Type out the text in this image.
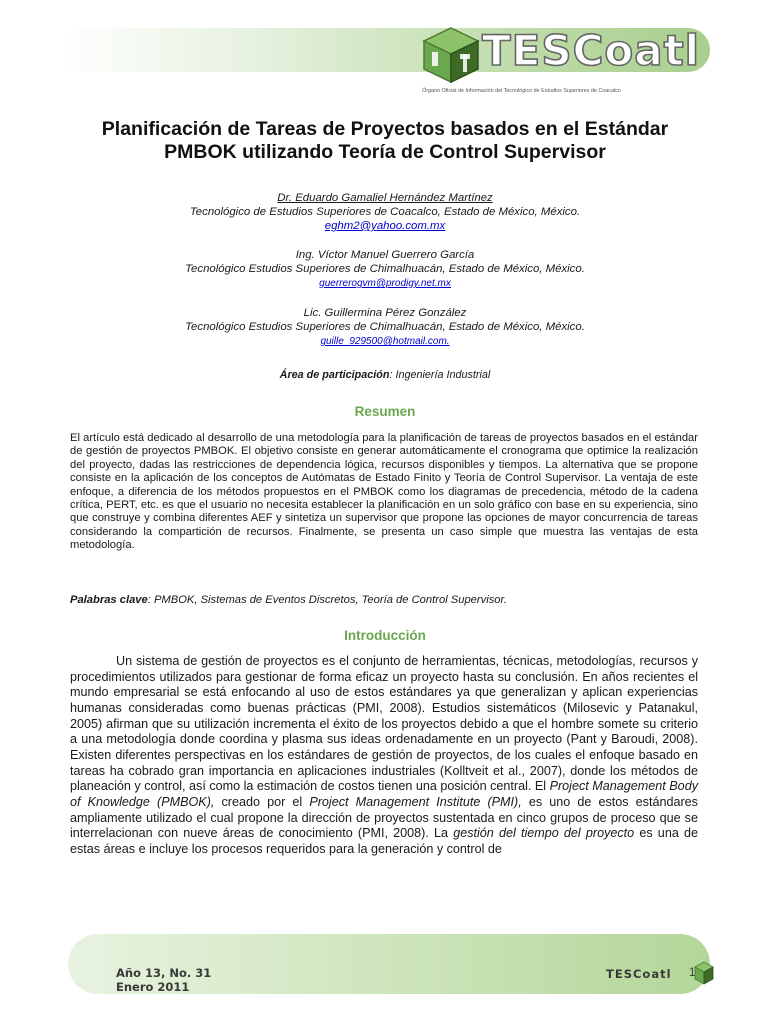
TESCoatl
Órgano Oficial de Información del Tecnológico de Estudios Superiores de Coacalco
Planificación de Tareas de Proyectos basados en el Estándar
PMBOK utilizando Teoría de Control Supervisor
Dr. Eduardo Gamaliel Hernández Martínez
Tecnológico de Estudios Superiores de Coacalco, Estado de México, México.
eghm2@yahoo.com.mx
Ing. Víctor Manuel Guerrero García
Tecnológico Estudios Superiores de Chimalhuacán, Estado de México, México.
guerrerogvm@prodigy.net.mx
Lic. Guillermina Pérez González
Tecnológico Estudios Superiores de Chimalhuacán, Estado de México, México.
guille_929500@hotmail.com.
Área de participación: Ingeniería Industrial
Resumen
El artículo está dedicado al desarrollo de una metodología para la planificación de tareas de proyectos basados en el estándar de gestión de proyectos PMBOK. El objetivo consiste en generar automáticamente el cronograma que optimice la realización del proyecto, dadas las restricciones de dependencia lógica, recursos disponibles y tiempos. La alternativa que se propone consiste en la aplicación de los conceptos de Autómatas de Estado Finito y Teoría de Control Supervisor. La ventaja de este enfoque, a diferencia de los métodos propuestos en el PMBOK como los diagramas de precedencia, método de la cadena crítica, PERT, etc. es que el usuario no necesita establecer la planificación en un solo gráfico con base en su experiencia, sino que construye y combina diferentes AEF y sintetiza un supervisor que propone las opciones de mayor concurrencia de tareas considerando la compartición de recursos. Finalmente, se presenta un caso simple que muestra las ventajas de esta metodología.
Palabras clave: PMBOK, Sistemas de Eventos Discretos, Teoría de Control Supervisor.
Introducción
Un sistema de gestión de proyectos es el conjunto de herramientas, técnicas, metodologías, recursos y procedimientos utilizados para gestionar de forma eficaz un proyecto hasta su conclusión. En años recientes el mundo empresarial se está enfocando al uso de estos estándares ya que generalizan y aplican experiencias humanas consideradas como buenas prácticas (PMI, 2008). Estudios sistemáticos (Milosevic y Patanakul, 2005) afirman que su utilización incrementa el éxito de los proyectos debido a que el hombre somete su criterio a una metodología donde coordina y plasma sus ideas ordenadamente en un proyecto (Pant y Baroudi, 2008). Existen diferentes perspectivas en los estándares de gestión de proyectos, de los cuales el enfoque basado en tareas ha cobrado gran importancia en aplicaciones industriales (Kolltveit et al., 2007), donde los métodos de planeación y control, así como la estimación de costos tienen una posición central. El Project Management Body of Knowledge (PMBOK), creado por el Project Management Institute (PMI), es uno de estos estándares ampliamente utilizado el cual propone la dirección de proyectos sustentada en cinco grupos de proceso que se interrelacionan con nueve áreas de conocimiento (PMI, 2008). La gestión del tiempo del proyecto es una de estas áreas e incluye los procesos requeridos para la generación y control de
Año 13, No. 31
Enero 2011
TESCoatl 1
